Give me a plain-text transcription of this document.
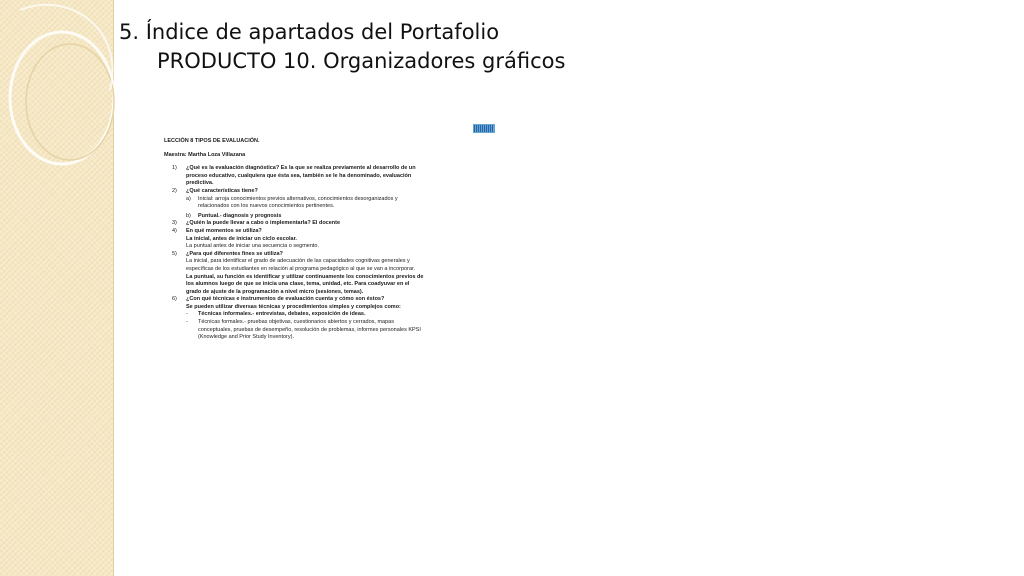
5. Índice de apartados del Portafolio
PRODUCTO 10. Organizadores gráficos
LECCIÓN 8 TIPOS DE EVALUACIÓN.
Maestra: Martha Loza Villazana
1)	¿Qué es la evaluación diagnóstica? Es la que se realiza previamente al desarrollo de un proceso educativo, cualquiera que ésta sea, también se le ha denominado, evaluación predictiva.
2)	¿Qué características tiene?
a)	Inicial: arroja conocimientos previos alternativos, conocimientos desorganizados y relacionados con los nuevos conocimientos pertinentes.
b)	Puntual.- diagnosis y prognosis
3)	¿Quién la puede llevar a cabo o implementarla? El docente
4)	En qué momentos se utiliza?
La inicial, antes de iniciar un ciclo escolar.
La puntual antes de iniciar una secuencia o segmento.
5)	¿Para qué diferentes fines se utiliza?
La inicial, para identificar el grado de adecuación de las capacidades cognitivas generales y específicas de los estudiantes en relación al programa pedagógico al que se van a incorporar.
La puntual, su función es identificar y utilizar continuamente los conocimientos previos de los alumnos luego de que se inicia una clase, tema, unidad, etc. Para coadyuvar en el grado de ajuste de la programación a nivel micro (sesiones, temas).
6)	¿Con qué técnicas e instrumentos de evaluación cuenta y cómo son éstos?
Se pueden utilizar diversas técnicas y procedimientos simples y complejos como:
-	Técnicas informales.- entrevistas, debates, exposición de ideas.
-	Técnicas formales.- pruebas objetivas, cuestionarios abiertos y cerrados, mapas conceptuales, pruebas de desempeño, resolución de problemas, informes personales KPSI (Knowledge and Prior Study Inventory).
